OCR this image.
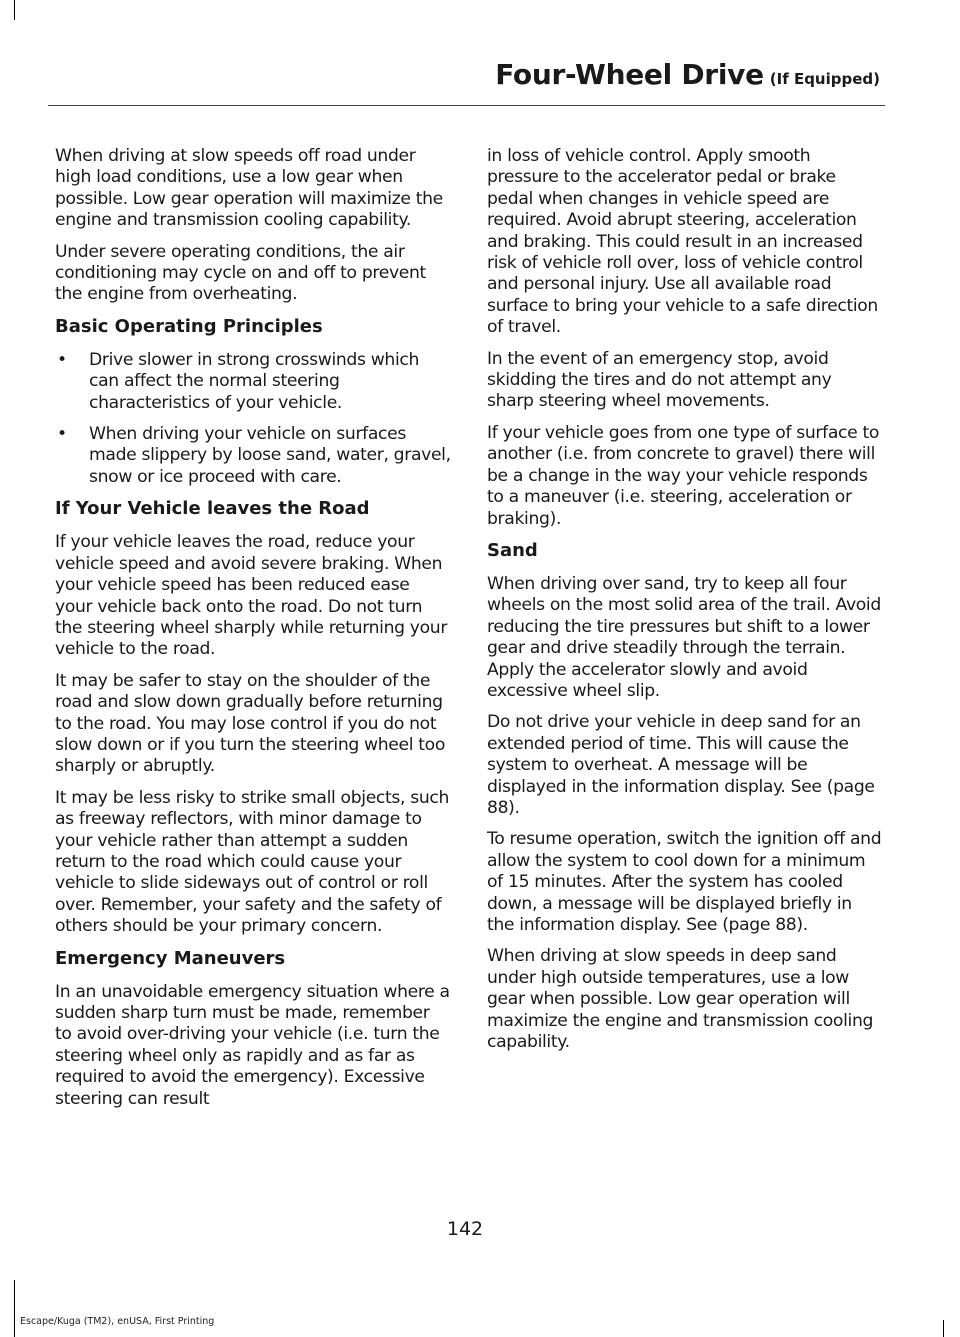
Four-Wheel Drive (If Equipped)

When driving at slow speeds off road under high load conditions, use a low gear when possible. Low gear operation will maximize the engine and transmission cooling capability.

Under severe operating conditions, the air conditioning may cycle on and off to prevent the engine from overheating.

Basic Operating Principles
• Drive slower in strong crosswinds which can affect the normal steering characteristics of your vehicle.
• When driving your vehicle on surfaces made slippery by loose sand, water, gravel, snow or ice proceed with care.
If Your Vehicle leaves the Road

If your vehicle leaves the road, reduce your vehicle speed and avoid severe braking. When your vehicle speed has been reduced ease your vehicle back onto the road. Do not turn the steering wheel sharply while returning your vehicle to the road.

It may be safer to stay on the shoulder of the road and slow down gradually before returning to the road. You may lose control if you do not slow down or if you turn the steering wheel too sharply or abruptly.

It may be less risky to strike small objects, such as freeway reflectors, with minor damage to your vehicle rather than attempt a sudden return to the road which could cause your vehicle to slide sideways out of control or roll over. Remember, your safety and the safety of others should be your primary concern.

Emergency Maneuvers

In an unavoidable emergency situation where a sudden sharp turn must be made, remember to avoid over-driving your vehicle (i.e. turn the steering wheel only as rapidly and as far as required to avoid the emergency). Excessive steering can result

in loss of vehicle control. Apply smooth pressure to the accelerator pedal or brake pedal when changes in vehicle speed are required. Avoid abrupt steering, acceleration and braking. This could result in an increased risk of vehicle roll over, loss of vehicle control and personal injury. Use all available road surface to bring your vehicle to a safe direction of travel.

In the event of an emergency stop, avoid skidding the tires and do not attempt any sharp steering wheel movements.

If your vehicle goes from one type of surface to another (i.e. from concrete to gravel) there will be a change in the way your vehicle responds to a maneuver (i.e. steering, acceleration or braking).

Sand

When driving over sand, try to keep all four wheels on the most solid area of the trail. Avoid reducing the tire pressures but shift to a lower gear and drive steadily through the terrain. Apply the accelerator slowly and avoid excessive wheel slip.

Do not drive your vehicle in deep sand for an extended period of time. This will cause the system to overheat. A message will be displayed in the information display. See (page 88).

To resume operation, switch the ignition off and allow the system to cool down for a minimum of 15 minutes. After the system has cooled down, a message will be displayed briefly in the information display. See (page 88).

When driving at slow speeds in deep sand under high outside temperatures, use a low gear when possible. Low gear operation will maximize the engine and transmission cooling capability.

142
Escape/Kuga (TM2), enUSA, First Printing
